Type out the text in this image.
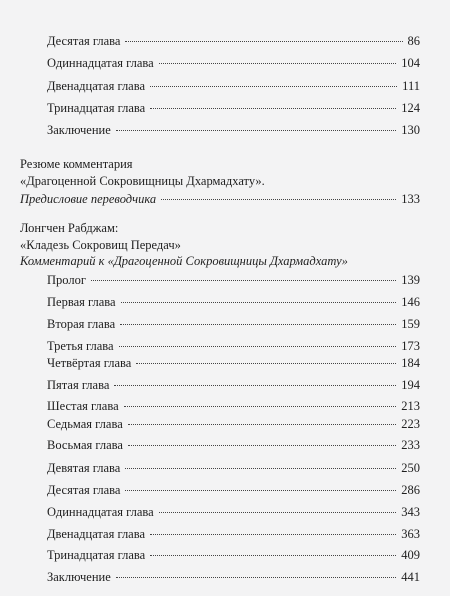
Десятая глава	86
Одиннадцатая глава	104
Двенадцатая глава	111
Тринадцатая глава	124
Заключение	130
Резюме комментария
«Драгоценной Сокровищницы Дхармадхату».
Предисловие переводчика	133
Лонгчен Рабджам:
«Кладезь Сокровищ Передач»
Комментарий к «Драгоценной Сокровищницы Дхармадхату»
Пролог	139
Первая глава	146
Вторая глава	159
Третья глава	173
Четвёртая глава	184
Пятая глава	194
Шестая глава	213
Седьмая глава	223
Восьмая глава	233
Девятая глава	250
Десятая глава	286
Одиннадцатая глава	343
Двенадцатая глава	363
Тринадцатая глава	409
Заключение	441
